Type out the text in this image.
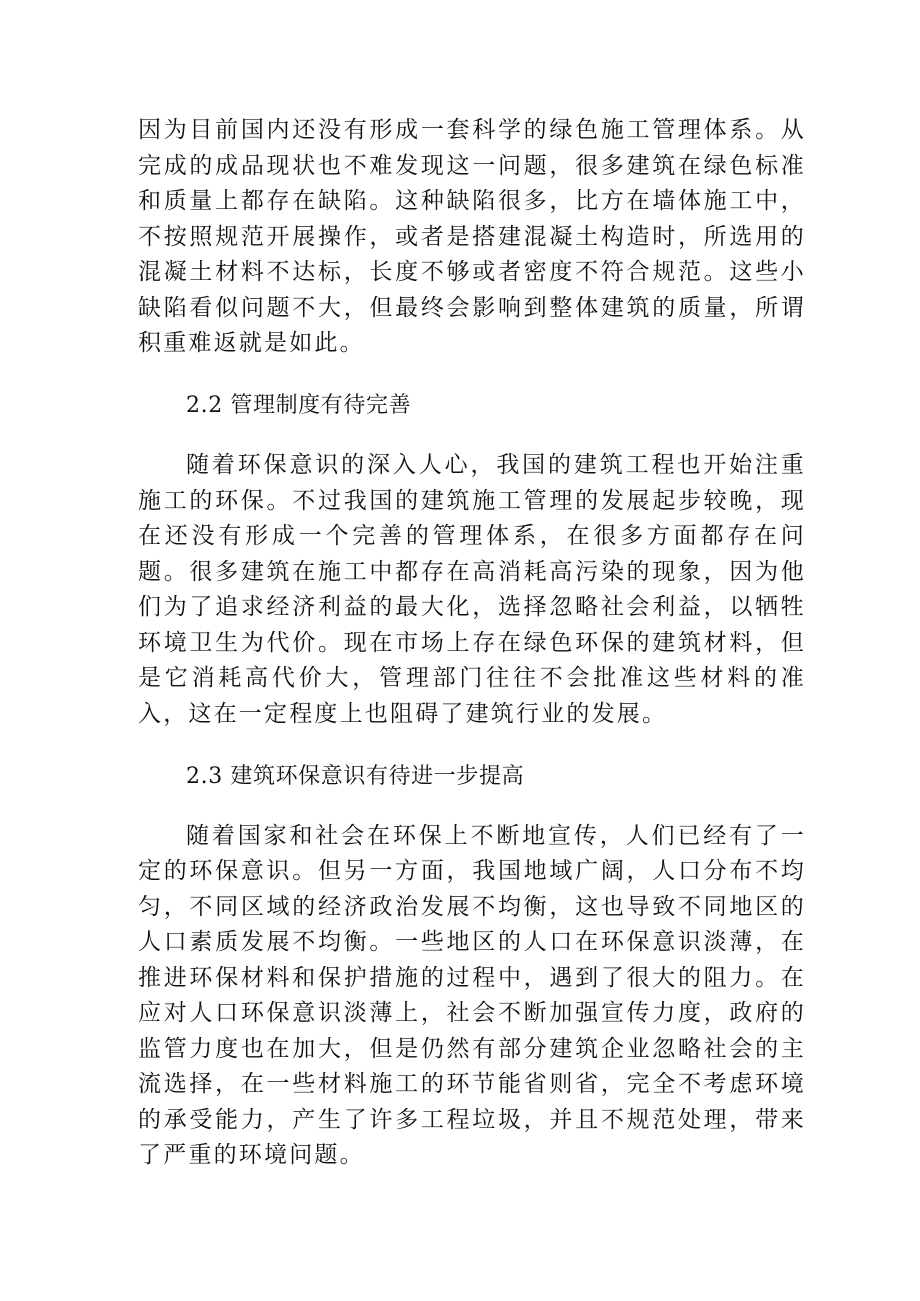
因为目前国内还没有形成一套科学的绿色施工管理体系。从完成的成品现状也不难发现这一问题，很多建筑在绿色标准和质量上都存在缺陷。这种缺陷很多，比方在墙体施工中，不按照规范开展操作，或者是搭建混凝土构造时，所选用的混凝土材料不达标，长度不够或者密度不符合规范。这些小缺陷看似问题不大，但最终会影响到整体建筑的质量，所谓积重难返就是如此。

2.2 管理制度有待完善

随着环保意识的深入人心，我国的建筑工程也开始注重施工的环保。不过我国的建筑施工管理的发展起步较晚，现在还没有形成一个完善的管理体系，在很多方面都存在问题。很多建筑在施工中都存在高消耗高污染的现象，因为他们为了追求经济利益的最大化，选择忽略社会利益，以牺牲环境卫生为代价。现在市场上存在绿色环保的建筑材料，但是它消耗高代价大，管理部门往往不会批准这些材料的准入，这在一定程度上也阻碍了建筑行业的发展。

2.3 建筑环保意识有待进一步提高

随着国家和社会在环保上不断地宣传，人们已经有了一定的环保意识。但另一方面，我国地域广阔，人口分布不均匀，不同区域的经济政治发展不均衡，这也导致不同地区的人口素质发展不均衡。一些地区的人口在环保意识淡薄，在推进环保材料和保护措施的过程中，遇到了很大的阻力。在应对人口环保意识淡薄上，社会不断加强宣传力度，政府的监管力度也在加大，但是仍然有部分建筑企业忽略社会的主流选择，在一些材料施工的环节能省则省，完全不考虑环境的承受能力，产生了许多工程垃圾，并且不规范处理，带来了严重的环境问题。
